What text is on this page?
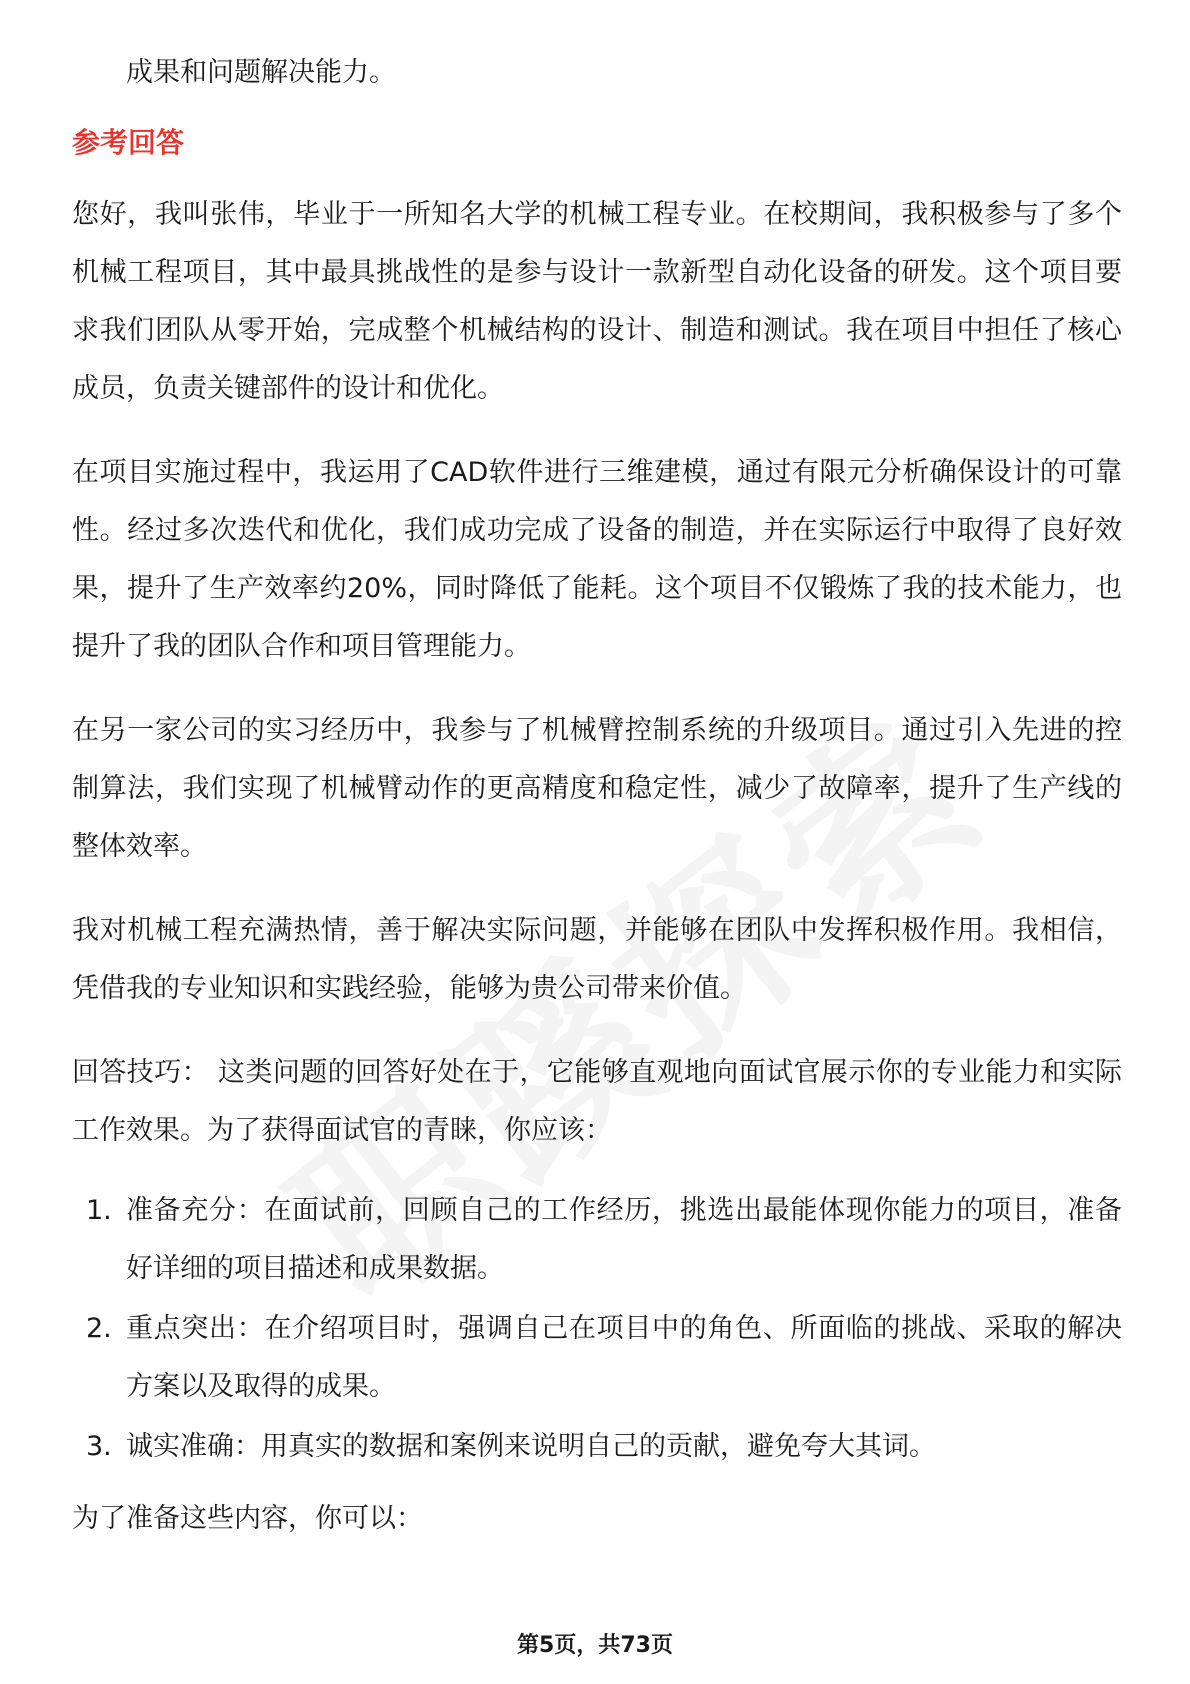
成果和问题解决能力。

参考回答

您好，我叫张伟，毕业于一所知名大学的机械工程专业。在校期间，我积极参与了多个机械工程项目，其中最具挑战性的是参与设计一款新型自动化设备的研发。这个项目要求我们团队从零开始，完成整个机械结构的设计、制造和测试。我在项目中担任了核心成员，负责关键部件的设计和优化。

在项目实施过程中，我运用了CAD软件进行三维建模，通过有限元分析确保设计的可靠性。经过多次迭代和优化，我们成功完成了设备的制造，并在实际运行中取得了良好效果，提升了生产效率约20%，同时降低了能耗。这个项目不仅锻炼了我的技术能力，也提升了我的团队合作和项目管理能力。

在另一家公司的实习经历中，我参与了机械臂控制系统的升级项目。通过引入先进的控制算法，我们实现了机械臂动作的更高精度和稳定性，减少了故障率，提升了生产线的整体效率。

我对机械工程充满热情，善于解决实际问题，并能够在团队中发挥积极作用。我相信，凭借我的专业知识和实践经验，能够为贵公司带来价值。

回答技巧： 这类问题的回答好处在于，它能够直观地向面试官展示你的专业能力和实际工作效果。为了获得面试官的青睐，你应该：

1. 准备充分：在面试前，回顾自己的工作经历，挑选出最能体现你能力的项目，准备好详细的项目描述和成果数据。
2. 重点突出：在介绍项目时，强调自己在项目中的角色、所面临的挑战、采取的解决方案以及取得的成果。
3. 诚实准确：用真实的数据和案例来说明自己的贡献，避免夸大其词。

为了准备这些内容，你可以：

第5页，共73页
